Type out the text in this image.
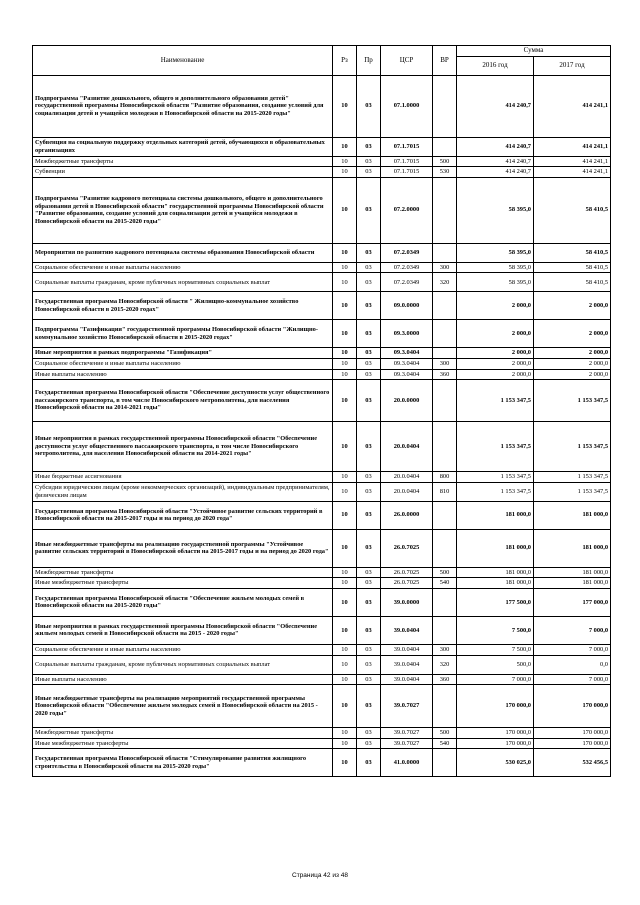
Наименование	Рз	Пр	ЦСР	ВР	Сумма	
					2016 год	2017 год
Подпрограмма "Развитие дошкольного, общего и дополнительного образования детей" государственной программы Новосибирской области "Развитие образования, создание условий для социализации детей и учащейся молодежи в Новосибирской области на 2015-2020 годы"	10	03	07.1.0000		414 240,7	414 241,1
Субвенция на социальную поддержку отдельных категорий детей, обучающихся в образовательных организациях	10	03	07.1.7015		414 240,7	414 241,1
Межбюджетные трансферты	10	03	07.1.7015	500	414 240,7	414 241,1
Субвенции	10	03	07.1.7015	530	414 240,7	414 241,1
Подпрограмма "Развитие кадрового потенциала системы дошкольного, общего и дополнительного образования детей в Новосибирской области" государственной программы Новосибирской области "Развитие образования, создание условий для социализации детей и учащейся молодежи в Новосибирской области на 2015-2020 годы"	10	03	07.2.0000		58 395,0	58 410,5
Мероприятия по развитию кадрового потенциала системы образования Новосибирской области	10	03	07.2.0349		58 395,0	58 410,5
Социальное обеспечение и иные выплаты населению	10	03	07.2.0349	300	58 395,0	58 410,5
Социальные выплаты гражданам, кроме публичных нормативных социальных выплат	10	03	07.2.0349	320	58 395,0	58 410,5
Государственная программа Новосибирской области " Жилищно-коммунальное хозяйство Новосибирской области в 2015-2020 годах"	10	03	09.0.0000		2 000,0	2 000,0
Подпрограмма "Газификация" государственной программы Новосибирской области "Жилищно-коммунальное хозяйство Новосибирской области в 2015-2020 годах"	10	03	09.3.0000		2 000,0	2 000,0
Иные мероприятия в рамках подпрограммы "Газификация"	10	03	09.3.0404		2 000,0	2 000,0
Социальное обеспечение и иные выплаты населению	10	03	09.3.0404	300	2 000,0	2 000,0
Иные выплаты населению	10	03	09.3.0404	360	2 000,0	2 000,0
Государственная программа Новосибирской области "Обеспечение доступности услуг общественного пассажирского транспорта, в том числе Новосибирского метрополитена, для населения Новосибирской области на 2014-2021 годы"	10	03	20.0.0000		1 153 347,5	1 153 347,5
Иные мероприятия в рамках государственной программы Новосибирской области "Обеспечение доступности услуг общественного пассажирского транспорта, в том числе Новосибирского метрополитена, для населения Новосибирской области на 2014-2021 годы"	10	03	20.0.0404		1 153 347,5	1 153 347,5
Иные бюджетные ассигнования	10	03	20.0.0404	800	1 153 347,5	1 153 347,5
Субсидии юридическим лицам (кроме некоммерческих организаций), индивидуальным предпринимателям, физическим лицам	10	03	20.0.0404	810	1 153 347,5	1 153 347,5
Государственная программа Новосибирской области "Устойчивое развитие сельских территорий в Новосибирской области на 2015-2017 годы и на период до 2020 года"	10	03	26.0.0000		181 000,0	181 000,0
Иные межбюджетные трансферты на реализацию государственной программы "Устойчивое развитие сельских территорий в Новосибирской области на 2015-2017 годы и на период до 2020 года"	10	03	26.0.7025		181 000,0	181 000,0
Межбюджетные трансферты	10	03	26.0.7025	500	181 000,0	181 000,0
Иные межбюджетные трансферты	10	03	26.0.7025	540	181 000,0	181 000,0
Государственная программа Новосибирской области "Обеспечение жильем молодых семей в Новосибирской области на 2015-2020 годы"	10	03	39.0.0000		177 500,0	177 000,0
Иные мероприятия в рамках государственной программы Новосибирской области "Обеспечение жильем молодых семей в Новосибирской области на 2015 - 2020 годы"	10	03	39.0.0404		7 500,0	7 000,0
Социальное обеспечение и иные выплаты населению	10	03	39.0.0404	300	7 500,0	7 000,0
Социальные выплаты гражданам, кроме публичных нормативных социальных выплат	10	03	39.0.0404	320	500,0	0,0
Иные выплаты населению	10	03	39.0.0404	360	7 000,0	7 000,0
Иные межбюджетные трансферты на реализацию мероприятий государственной программы Новосибирской области "Обеспечение жильем молодых семей в Новосибирской области на 2015 - 2020 годы"	10	03	39.0.7027		170 000,0	170 000,0
Межбюджетные трансферты	10	03	39.0.7027	500	170 000,0	170 000,0
Иные межбюджетные трансферты	10	03	39.0.7027	540	170 000,0	170 000,0
Государственная программа Новосибирской области "Стимулирование развития жилищного строительства в Новосибирской области на 2015-2020 годы"	10	03	41.0.0000		530 025,0	532 456,5
Страница 42 из 48
